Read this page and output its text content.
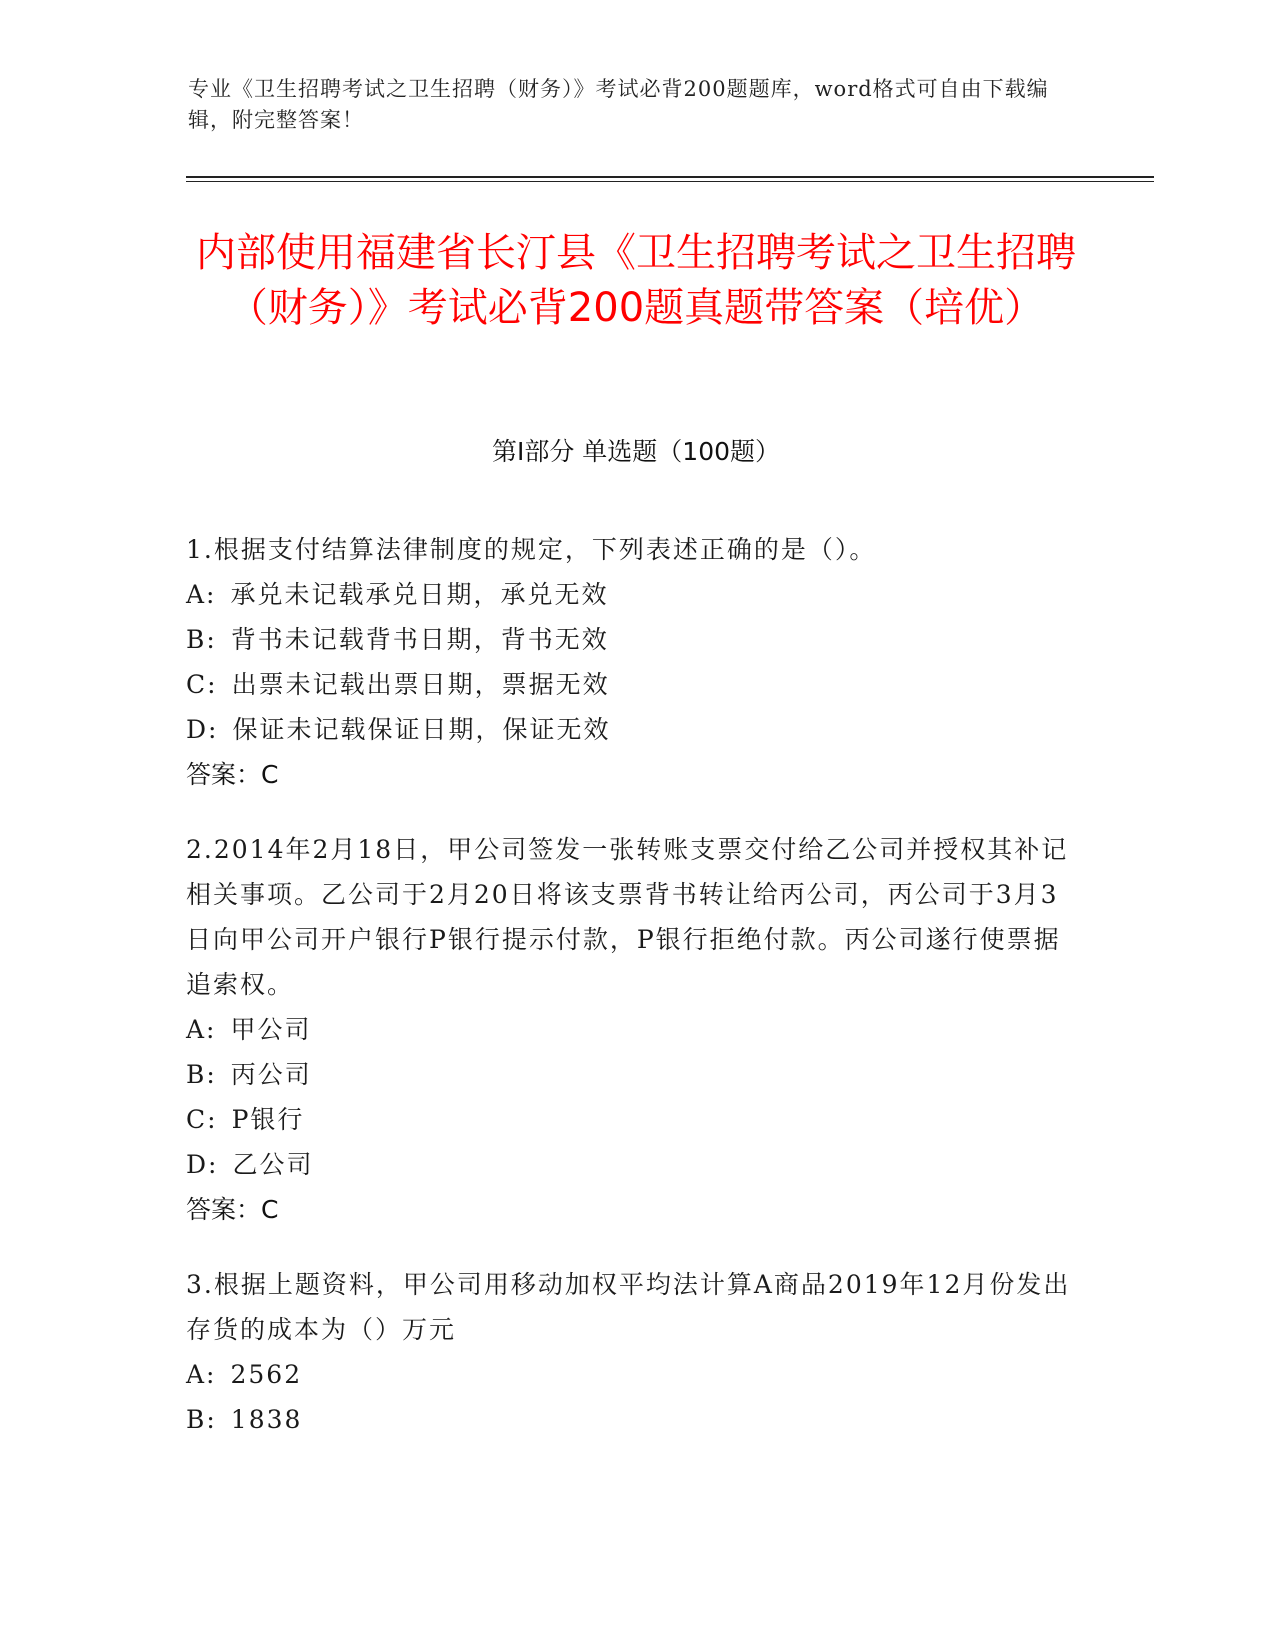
专业《卫生招聘考试之卫生招聘（财务）》考试必背200题题库，word格式可自由下载编辑，附完整答案！
内部使用福建省长汀县《卫生招聘考试之卫生招聘（财务）》考试必背200题真题带答案（培优）
第I部分 单选题（100题）

1.根据支付结算法律制度的规定，下列表述正确的是（）。

A: 承兑未记载承兑日期，承兑无效

B: 背书未记载背书日期，背书无效

C: 出票未记载出票日期，票据无效

D: 保证未记载保证日期，保证无效

答案：C

2.2014年2月18日，甲公司签发一张转账支票交付给乙公司并授权其补记相关事项。乙公司于2月20日将该支票背书转让给丙公司，丙公司于3月3日向甲公司开户银行P银行提示付款，P银行拒绝付款。丙公司遂行使票据追索权。

A: 甲公司

B: 丙公司

C: P银行

D: 乙公司

答案：C

3.根据上题资料，甲公司用移动加权平均法计算A商品2019年12月份发出存货的成本为（）万元

A: 2562

B: 1838
